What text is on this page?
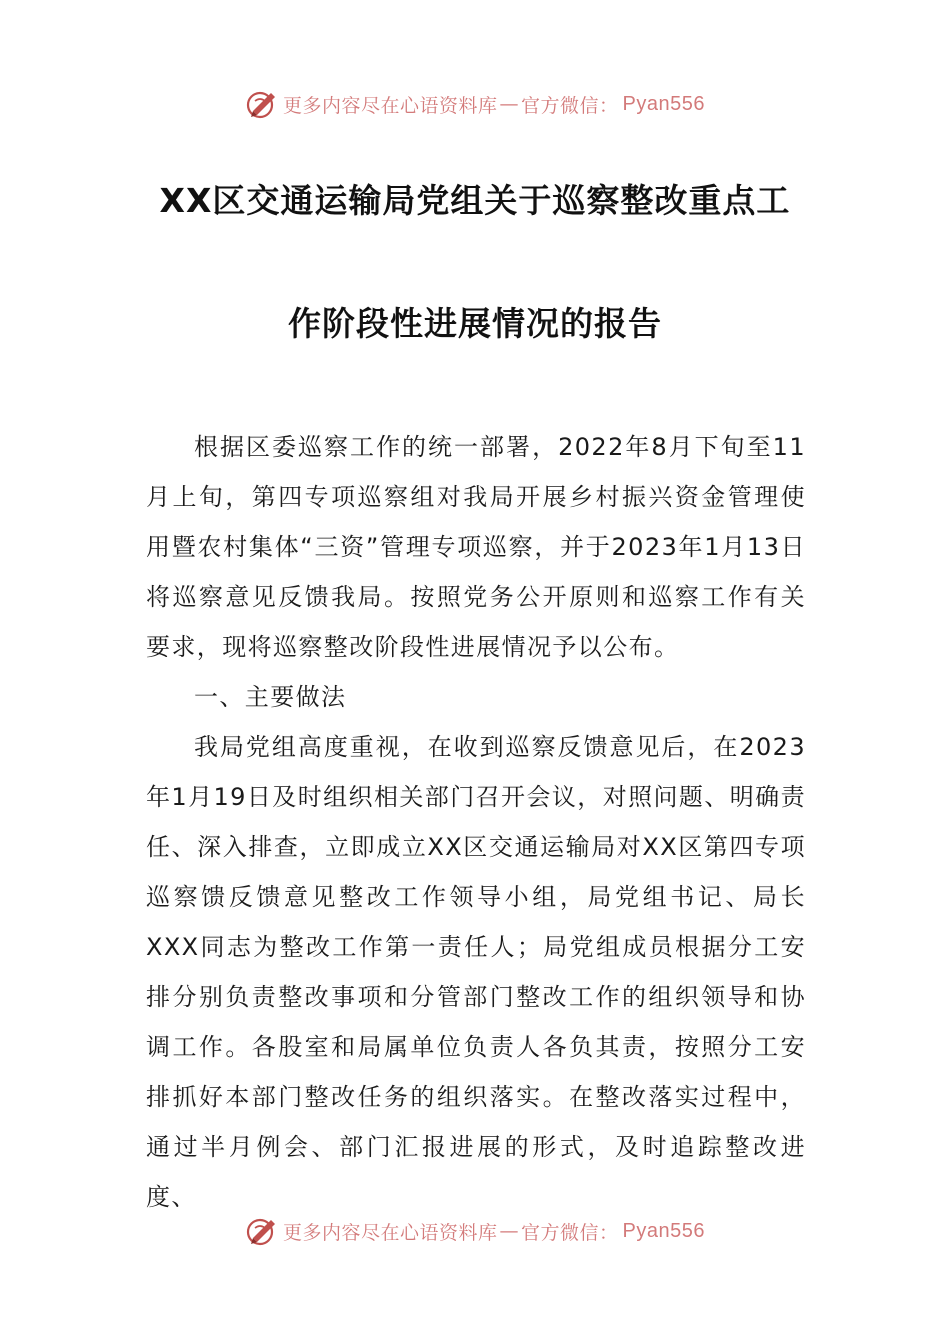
更多内容尽在心语资料库 — 官方微信： Pyan556
XX区交通运输局党组关于巡察整改重点工
作阶段性进展情况的报告

根据区委巡察工作的统一部署，2022年8月下旬至11月上旬，第四专项巡察组对我局开展乡村振兴资金管理使用暨农村集体“三资”管理专项巡察，并于2023年1月13日将巡察意见反馈我局。按照党务公开原则和巡察工作有关要求，现将巡察整改阶段性进展情况予以公布。

一、主要做法

我局党组高度重视，在收到巡察反馈意见后，在2023年1月19日及时组织相关部门召开会议，对照问题、明确责任、深入排查，立即成立XX区交通运输局对XX区第四专项巡察馈反馈意见整改工作领导小组，局党组书记、局长XXX同志为整改工作第一责任人；局党组成员根据分工安排分别负责整改事项和分管部门整改工作的组织领导和协调工作。各股室和局属单位负责人各负其责，按照分工安排抓好本部门整改任务的组织落实。在整改落实过程中，通过半月例会、部门汇报进展的形式，及时追踪整改进度、

更多内容尽在心语资料库 — 官方微信： Pyan556
